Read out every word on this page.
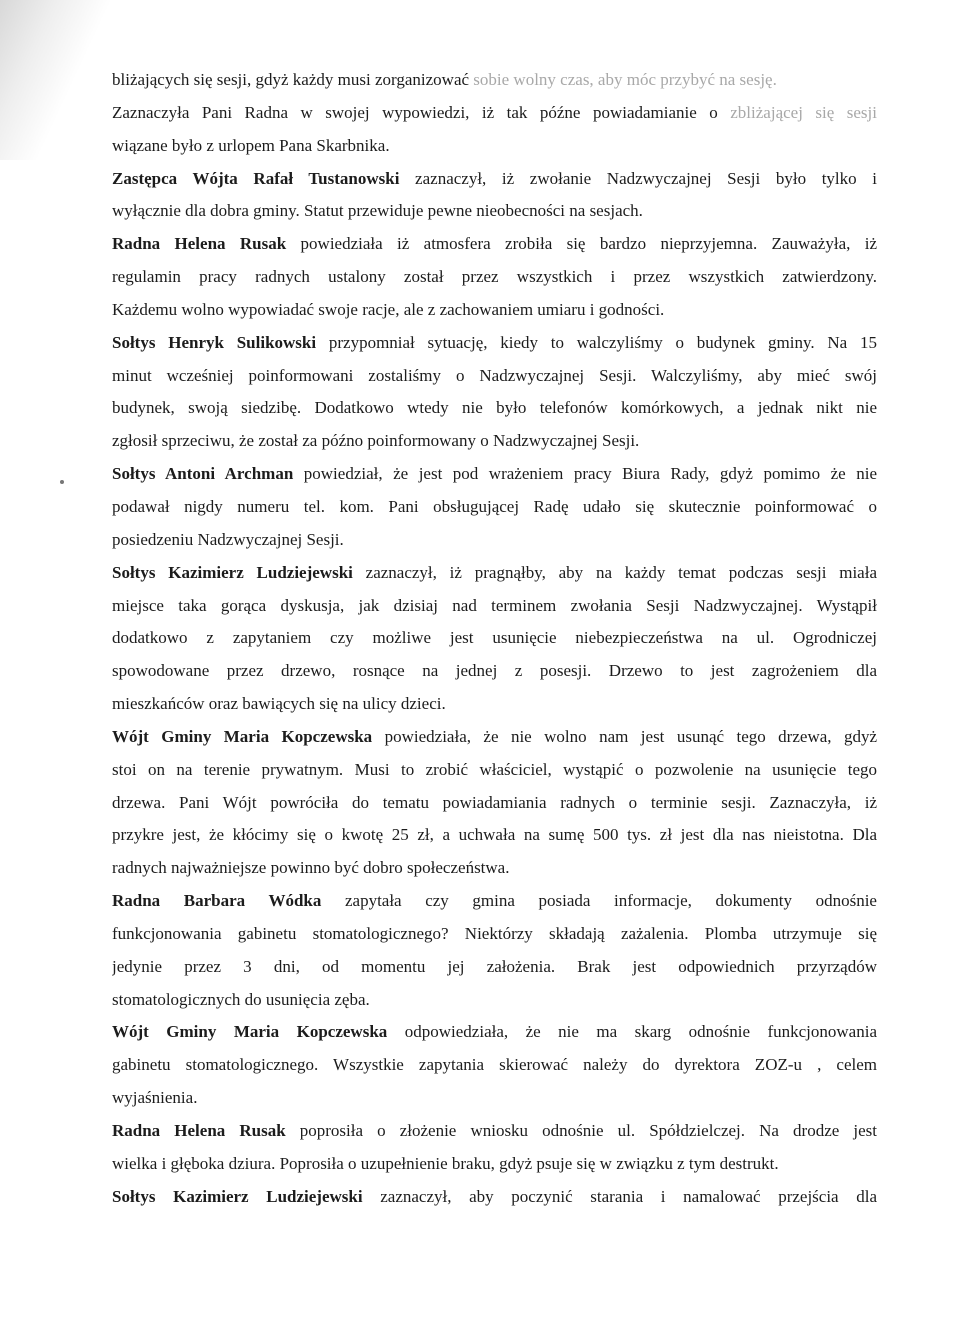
bliżających się sesji, gdyż każdy musi zorganizować sobie wolny czas, aby móc przybyć na sesję.
Zaznaczyła Pani Radna w swojej wypowiedzi, iż tak późne powiadamianie o zbliżającej się sesji
wiązane było z urlopem Pana Skarbnika.
Zastępca Wójta Rafał Tustanowski zaznaczył, iż zwołanie Nadzwyczajnej Sesji było tylko i
wyłącznie dla dobra gminy. Statut przewiduje pewne nieobecności na sesjach.
Radna Helena Rusak powiedziała iż atmosfera zrobiła się bardzo nieprzyjemna. Zauważyła, iż
regulamin pracy radnych ustalony został przez wszystkich i przez wszystkich zatwierdzony.
Każdemu wolno wypowiadać swoje racje, ale z zachowaniem umiaru i godności.
Sołtys Henryk Sulikowski przypomniał sytuację, kiedy to walczyliśmy o budynek gminy. Na 15
minut wcześniej poinformowani zostaliśmy o Nadzwyczajnej Sesji. Walczyliśmy, aby mieć swój
budynek, swoją siedzibę. Dodatkowo wtedy nie było telefonów komórkowych, a jednak nikt nie
zgłosił sprzeciwu, że został za późno poinformowany o Nadzwyczajnej Sesji.
Sołtys Antoni Archman powiedział, że jest pod wrażeniem pracy Biura Rady, gdyż pomimo że nie
podawał nigdy numeru tel. kom. Pani obsługującej Radę udało się skutecznie poinformować o
posiedzeniu Nadzwyczajnej Sesji.
Sołtys Kazimierz Ludziejewski zaznaczył, iż pragnąłby, aby na każdy temat podczas sesji miała
miejsce taka gorąca dyskusja, jak dzisiaj nad terminem zwołania Sesji Nadzwyczajnej. Wystąpił
dodatkowo z zapytaniem czy możliwe jest usunięcie niebezpieczeństwa na ul. Ogrodniczej
spowodowane przez drzewo, rosnące na jednej z posesji. Drzewo to jest zagrożeniem dla
mieszkańców oraz bawiących się na ulicy dzieci.
Wójt Gminy Maria Kopczewska powiedziała, że nie wolno nam jest usunąć tego drzewa, gdyż
stoi on na terenie prywatnym. Musi to zrobić właściciel, wystąpić o pozwolenie na usunięcie tego
drzewa. Pani Wójt powróciła do tematu powiadamiania radnych o terminie sesji. Zaznaczyła, iż
przykre jest, że kłócimy się o kwotę 25 zł, a uchwała na sumę 500 tys. zł jest dla nas nieistotna. Dla
radnych najważniejsze powinno być dobro społeczeństwa.
Radna Barbara Wódka zapytała czy gmina posiada informacje, dokumenty odnośnie
funkcjonowania gabinetu stomatologicznego? Niektórzy składają zażalenia. Plomba utrzymuje się
jedynie przez 3 dni, od momentu jej założenia. Brak jest odpowiednich przyrządów
stomatologicznych do usunięcia zęba.
Wójt Gminy Maria Kopczewska odpowiedziała, że nie ma skarg odnośnie funkcjonowania
gabinetu stomatologicznego. Wszystkie zapytania skierować należy do dyrektora ZOZ-u , celem
wyjaśnienia.
Radna Helena Rusak poprosiła o złożenie wniosku odnośnie ul. Spółdzielczej. Na drodze jest
wielka i głęboka dziura. Poprosiła o uzupełnienie braku, gdyż psuje się w związku z tym destrukt.
Sołtys Kazimierz Ludziejewski zaznaczył, aby poczynić starania i namalować przejścia dla
